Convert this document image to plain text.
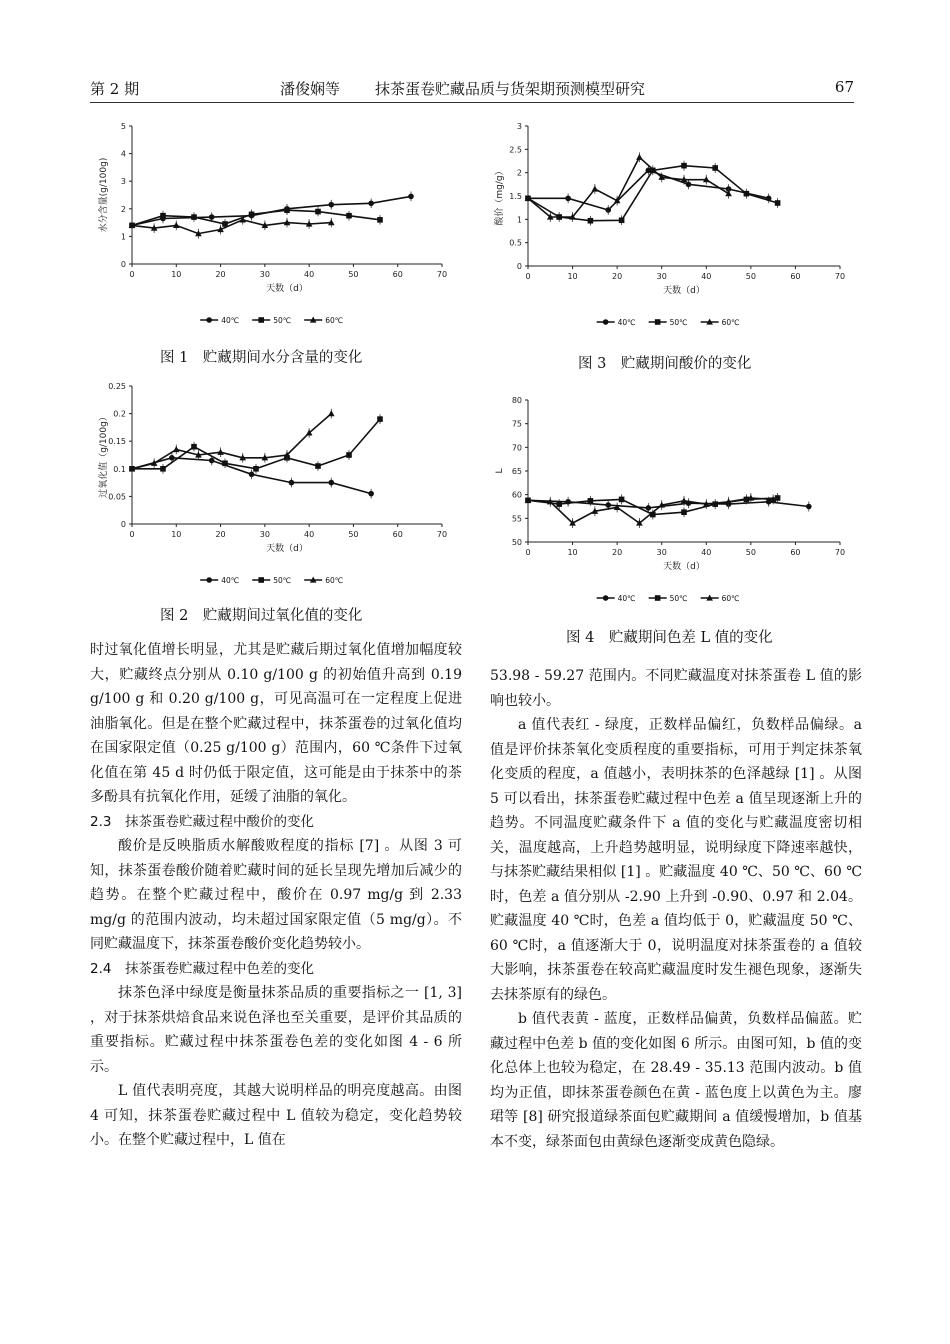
第 2 期	潘俊娴等 抹茶蛋卷贮藏品质与货架期预测模型研究	67
0
1
2
3
4
5
0	10	20	30	40	50	60	70
天数（d）
水分含量(g/100g)
40℃	50℃	60℃
图 1　贮藏期间水分含量的变化
0
0.05
0.1
0.15
0.2
0.25
0	10	20	30	40	50	60	70
天数（d）
过氧化值（g/100g）
40℃	50℃	60℃
图 2　贮藏期间过氧化值的变化
0
0.5
1
1.5
2
2.5
3
0	10	20	30	40	50	60	70
天数（d）
酸价（mg/g）
40℃	50℃	60℃
图 3　贮藏期间酸价的变化
50
55
60
65
70
75
80
0	10	20	30	40	50	60	70
天数（d）
L
40℃	50℃	60℃
图 4　贮藏期间色差 L 值的变化

时过氧化值增长明显，尤其是贮藏后期过氧化值增加幅度较大，贮藏终点分别从 0.10 g/100 g 的初始值升高到 0.19 g/100 g 和 0.20 g/100 g，可见高温可在一定程度上促进油脂氧化。但是在整个贮藏过程中，抹茶蛋卷的过氧化值均在国家限定值（0.25 g/100 g）范围内，60 ℃条件下过氧化值在第 45 d 时仍低于限定值，这可能是由于抹茶中的茶多酚具有抗氧化作用，延缓了油脂的氧化。

2.3　抹茶蛋卷贮藏过程中酸价的变化

酸价是反映脂质水解酸败程度的指标 [7] 。从图 3 可知，抹茶蛋卷酸价随着贮藏时间的延长呈现先增加后减少的趋势。在整个贮藏过程中，酸价在 0.97 mg/g 到 2.33 mg/g 的范围内波动，均未超过国家限定值（5 mg/g）。不同贮藏温度下，抹茶蛋卷酸价变化趋势较小。

2.4　抹茶蛋卷贮藏过程中色差的变化

抹茶色泽中绿度是衡量抹茶品质的重要指标之一 [1, 3] ，对于抹茶烘焙食品来说色泽也至关重要，是评价其品质的重要指标。贮藏过程中抹茶蛋卷色差的变化如图 4 - 6 所示。

L 值代表明亮度，其越大说明样品的明亮度越高。由图 4 可知，抹茶蛋卷贮藏过程中 L 值较为稳定，变化趋势较小。在整个贮藏过程中，L 值在

53.98 - 59.27 范围内。不同贮藏温度对抹茶蛋卷 L 值的影响也较小。

a 值代表红 - 绿度，正数样品偏红，负数样品偏绿。a 值是评价抹茶氧化变质程度的重要指标，可用于判定抹茶氧化变质的程度，a 值越小，表明抹茶的色泽越绿 [1] 。从图 5 可以看出，抹茶蛋卷贮藏过程中色差 a 值呈现逐渐上升的趋势。不同温度贮藏条件下 a 值的变化与贮藏温度密切相关，温度越高，上升趋势越明显，说明绿度下降速率越快，与抹茶贮藏结果相似 [1] 。贮藏温度 40 ℃、50 ℃、60 ℃时，色差 a 值分别从 -2.90 上升到 -0.90、0.97 和 2.04。贮藏温度 40 ℃时，色差 a 值均低于 0，贮藏温度 50 ℃、60 ℃时，a 值逐渐大于 0，说明温度对抹茶蛋卷的 a 值较大影响，抹茶蛋卷在较高贮藏温度时发生褪色现象，逐渐失去抹茶原有的绿色。

b 值代表黄 - 蓝度，正数样品偏黄，负数样品偏蓝。贮藏过程中色差 b 值的变化如图 6 所示。由图可知，b 值的变化总体上也较为稳定，在 28.49 - 35.13 范围内波动。b 值均为正值，即抹茶蛋卷颜色在黄 - 蓝色度上以黄色为主。廖珺等 [8] 研究报道绿茶面包贮藏期间 a 值缓慢增加，b 值基本不变，绿茶面包由黄绿色逐渐变成黄色隐绿。
